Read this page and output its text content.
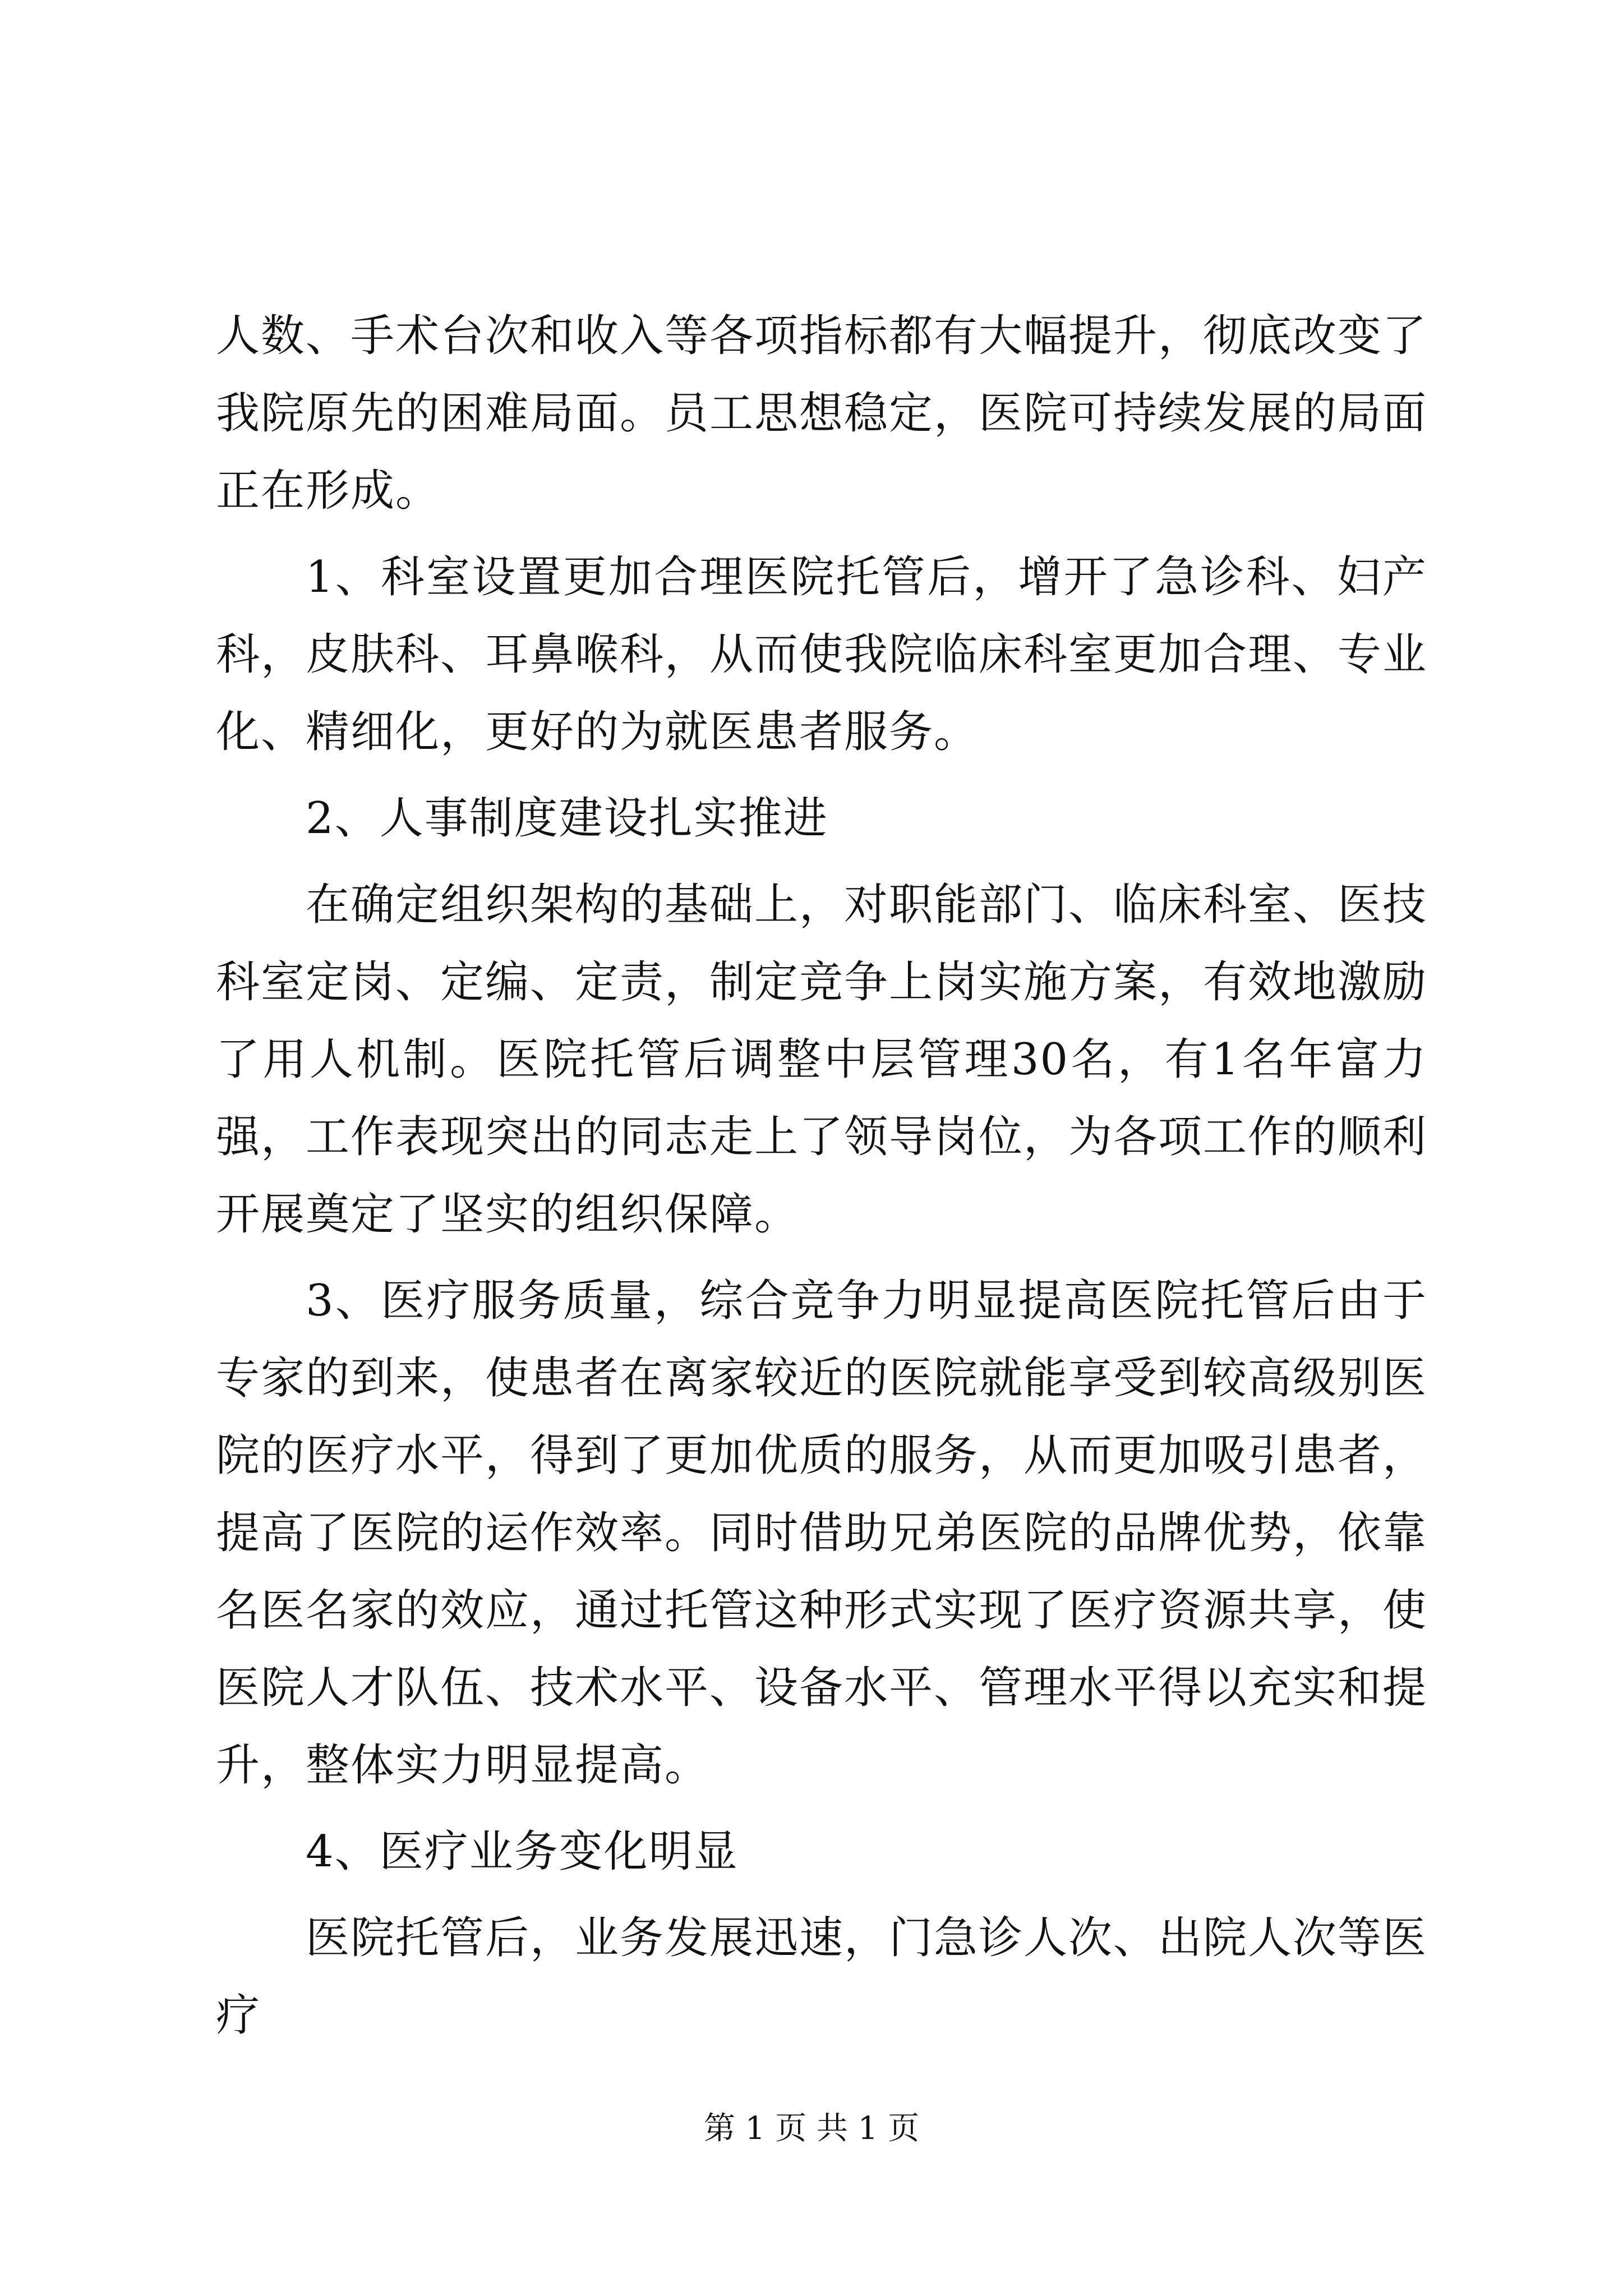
人数、手术台次和收入等各项指标都有大幅提升，彻底改变了我院原先的困难局面。员工思想稳定，医院可持续发展的局面正在形成。

1、科室设置更加合理医院托管后，增开了急诊科、妇产科，皮肤科、耳鼻喉科，从而使我院临床科室更加合理、专业化、精细化，更好的为就医患者服务。

2、人事制度建设扎实推进

在确定组织架构的基础上，对职能部门、临床科室、医技科室定岗、定编、定责，制定竞争上岗实施方案，有效地激励了用人机制。医院托管后调整中层管理30名，有1名年富力强，工作表现突出的同志走上了领导岗位，为各项工作的顺利开展奠定了坚实的组织保障。

3、医疗服务质量，综合竞争力明显提高医院托管后由于专家的到来，使患者在离家较近的医院就能享受到较高级别医院的医疗水平，得到了更加优质的服务，从而更加吸引患者，提高了医院的运作效率。同时借助兄弟医院的品牌优势，依靠名医名家的效应，通过托管这种形式实现了医疗资源共享，使医院人才队伍、技术水平、设备水平、管理水平得以充实和提升，整体实力明显提高。

4、医疗业务变化明显

医院托管后，业务发展迅速，门急诊人次、出院人次等医疗

第 1 页 共 1 页
